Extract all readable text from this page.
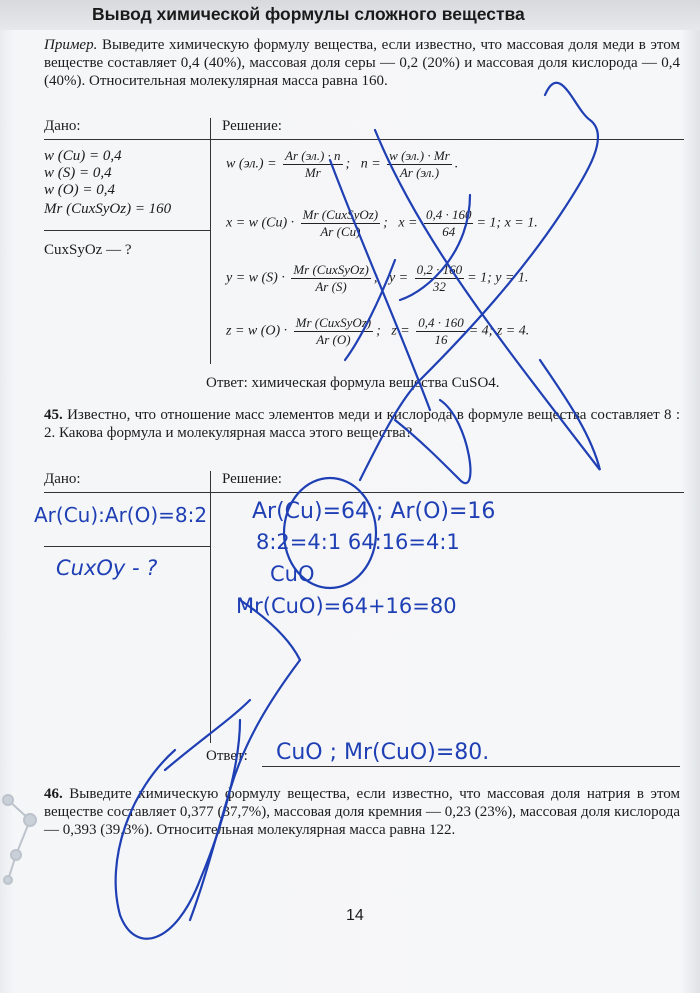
Вывод химической формулы сложного вещества
Пример. Выведите химическую формулу вещества, если известно, что массовая доля меди в этом веществе составляет 0,4 (40%), массовая доля серы — 0,2 (20%) и массовая доля кислорода — 0,4 (40%). Относительная молекулярная масса равна 160.
Дано:	Решение:
w (Cu) = 0,4
w (S) = 0,4
w (O) = 0,4
Mr (CuxSyOz) = 160
CuxSyOz — ?
w $(эл.) = \frac{Ar (эл.) \cdot n}{Mr}$ ; $n = \frac{w (эл.) \cdot Mr}{Ar (эл.)}$ .
x = w $(Cu) \cdot \frac{\text{Mr (CuxSyOz)}}{Ar (Cu)}$ ; $x = \frac{0,4 \cdot 160}{64} = 1$; x = 1.
y = w $(S) \cdot \frac{\text{Mr (CuxSyOz)}}{Ar (S)}$ ; $y = \frac{0,2 \cdot 160}{32} = 1$; y = 1.
z = w $(O) \cdot \frac{\text{Mr (CuxSyOz)}}{Ar (O)}$ ; $z = \frac{0,4 \cdot 160}{16} = 4$; z = 4.
Ответ: химическая формула вещества CuSO4.
45. Известно, что отношение масс элементов меди и кислорода в формуле вещества составляет 8 : 2. Какова формула и молекулярная масса этого вещества?
Дано:	Решение:
Ответ:
Ar(Cu):Ar(O)=8:2
CuxOy - ?
Ar(Cu)=64 ; Ar(O)=16
8:2=4:1 64:16=4:1
CuO
Mr(CuO)=64+16=80
CuO ; Mr(CuO)=80.
46. Выведите химическую формулу вещества, если известно, что массовая доля натрия в этом веществе составляет 0,377 (37,7%), массовая доля кремния — 0,23 (23%), массовая доля кислорода — 0,393 (39,3%). Относительная молекулярная масса равна 122.
14
